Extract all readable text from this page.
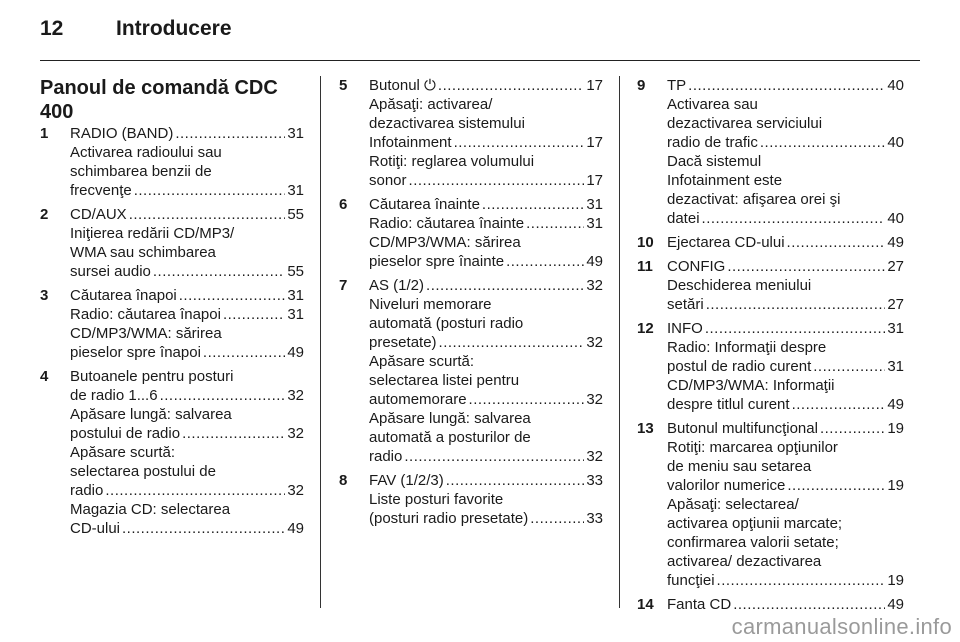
12	Introducere
Panoul de comandă CDC 400
1 RADIO (BAND) .....	31
Activarea radioului sau
schimbarea benzii de
frecvenţe .....	31
2 CD/AUX .....	55
Iniţierea redării CD/MP3/
WMA sau schimbarea
sursei audio .....	55
3 Căutarea înapoi .....	31
Radio: căutarea înapoi .....	31
CD/MP3/WMA: sărirea
pieselor spre înapoi .....	49
4 Butoanele pentru posturi
de radio 1...6 .....	32
Apăsare lungă: salvarea
postului de radio .....	32
Apăsare scurtă:
selectarea postului de
radio .....	32
Magazia CD: selectarea
CD-ului .....	49
5 Butonul ⏻ .....	17
Apăsaţi: activarea/
dezactivarea sistemului
Infotainment .....	17
Rotiţi: reglarea volumului
sonor .....	17
6 Căutarea înainte .....	31
Radio: căutarea înainte .....	31
CD/MP3/WMA: sărirea
pieselor spre înainte .....	49
7 AS (1/2) .....	32
Niveluri memorare
automată (posturi radio
presetate) .....	32
Apăsare scurtă:
selectarea listei pentru
automemorare .....	32
Apăsare lungă: salvarea
automată a posturilor de
radio .....	32
8 FAV (1/2/3) .....	33
Liste posturi favorite
(posturi radio presetate) .....	33
9 TP .....	40
Activarea sau
dezactivarea serviciului
radio de trafic .....	40
Dacă sistemul
Infotainment este
dezactivat: afişarea orei şi
datei .....	40
10 Ejectarea CD-ului .....	49
11 CONFIG .....	27
Deschiderea meniului
setări .....	27
12 INFO .....	31
Radio: Informaţii despre
postul de radio curent .....	31
CD/MP3/WMA: Informaţii
despre titlul curent .....	49
13 Butonul multifuncţional .....	19
Rotiţi: marcarea opţiunilor
de meniu sau setarea
valorilor numerice .....	19
Apăsaţi: selectarea/
activarea opţiunii marcate;
confirmarea valorii setate;
activarea/ dezactivarea
funcţiei .....	19
14 Fanta CD .....	49
carmanualsonline.info
